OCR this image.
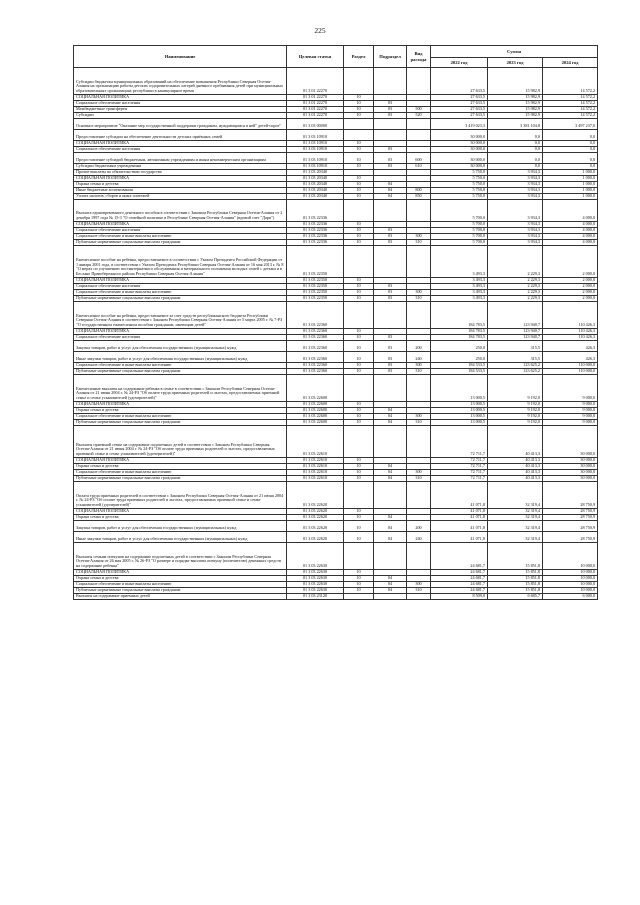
225
Наименование	Целевая статья	Раздел	Подраздел	Вид расхода	Сумма		
					2022 год	2023 год	2024 год
Субсидии бюджетам муниципальных образований на обеспечение повышения Республики Северная Осетия-Алания на организацию работы детских оздоровительных лагерей дневного пребывания детей при муниципальных образовательных организациях республики в каникулярное время	01 3 01 22270				27 633,5	15 982,9	14 572,2
СОЦИАЛЬНАЯ ПОЛИТИКА	01 3 01 22270	10			27 633,5	15 982,9	14 572,2
Социальное обеспечение населения	01 3 01 22270	10	03		27 633,5	15 982,9	14 572,2
Межбюджетные трансферты	01 3 01 22270	10	03	500	27 633,5	15 982,9	14 572,2
Субсидии	01 3 01 22270	10	03	520	27 633,5	15 982,9	14 572,2
Основное мероприятие "Оказание мер государственной поддержки гражданам, нуждающимся в ней" детей-сирот"	01 3 03 00000				3 419 023,3	3 381 104,8	3 497 237,0
Предоставление субсидии на обеспечение деятельности детских приёмных семей	01 3 03 10910				30 000,0	0,0	0,0
СОЦИАЛЬНАЯ ПОЛИТИКА	01 3 03 10910	10			30 000,0	0,0	0,0
Социальное обеспечение населения	01 3 03 10910	10	03		30 000,0	0,0	0,0
Предоставление субсидий бюджетным, автономным учреждениям и иным некоммерческим организациям	01 3 03 10910	10	03	600	30 000,0	0,0	0,0
Субсидии бюджетным учреждениям	01 3 03 10910	10	03	610	30 000,0	0,0	0,0
Прочие выплаты по обязательствам государства	01 3 03 20340				5 750,0	3 934,3	1 000,0
СОЦИАЛЬНАЯ ПОЛИТИКА	01 3 03 20340	10			5 750,0	3 934,3	1 000,0
Охрана семьи и детства	01 3 03 20340	10	04		5 750,0	3 934,3	1 000,0
Иные бюджетные ассигнования	01 3 03 20340	10	04	800	5 750,0	3 934,3	1 000,0
Уплата налогов, сборов и иных платежей	01 3 03 20340	10	04	850	5 750,0	3 934,3	1 000,0
Выплата единовременного денежного пособия в соответствии с Законом Республики Северная Осетия-Алания от 2 декабря 1997 года № 15-3 "О семейной политике в Республике Северная Осетия-Алания" (вдовий счет "Дари")	01 3 03 22336				5 700,0	3 934,3	4 000,0
СОЦИАЛЬНАЯ ПОЛИТИКА	01 3 03 22336	10			5 700,0	3 934,3	4 000,0
Социальное обеспечение населения	01 3 03 22336	10	03		5 700,0	3 934,3	4 000,0
Социальное обеспечение и иные выплаты населению	01 3 03 22336	10	03	300	5 700,0	3 934,3	4 000,0
Публичные нормативные социальные выплаты гражданам	01 3 03 22336	10	03	310	5 700,0	3 934,3	4 000,0
Ежемесячное пособие на ребенка, предоставляемое в соответствии с Указом Президента Российской Федерации от 1 января 2001 года, в соответствии с Указом Президента Республики Северная Осетия-Алания от 16 мая 2013 г. № 8 "О мерах по улучшению постинтернатного обслуживания и материального положения молодых семей с детьми и в Беслане Правобережного района Республики Северная Осетия-Алания"	01 3 03 22350				3 493,3	2 229,3	2 000,0
СОЦИАЛЬНАЯ ПОЛИТИКА	01 3 03 22350	10			3 493,3	2 229,3	2 000,0
Социальное обеспечение населения	01 3 03 22350	10	03		3 493,3	2 229,3	2 000,0
Социальное обеспечение и иные выплаты населению	01 3 03 22350	10	03	300	3 493,3	2 229,3	2 000,0
Публичные нормативные социальные выплаты гражданам	01 3 03 22350	10	03	310	3 493,3	2 229,3	2 000,0
Ежемесячное пособие на ребенка, предоставляемое за счет средств республиканского бюджета Республики Северная Осетия-Алания в соответствии с Законом Республики Северная Осетия-Алания от 5 марта 2005 г. № 7-РЗ "О государственном ежемесячном пособии гражданам, имеющим детей"	01 3 03 22360				184 783,5	123 940,7	110 426,3
СОЦИАЛЬНАЯ ПОЛИТИКА	01 3 03 22360	10			184 783,5	123 940,7	110 426,3
Социальное обеспечение населения	01 3 03 22360	10	03		184 783,5	123 940,7	110 426,3
Закупка товаров, работ и услуг для обеспечения государственных (муниципальных) нужд	01 3 03 22360	10	03	200	250,0	315,5	426,3
Иные закупки товаров, работ и услуг для обеспечения государственных (муниципальных) нужд	01 3 03 22360	10	03	240	250,0	315,5	426,3
Социальное обеспечение и иные выплаты населению	01 3 03 22360	10	03	300	184 533,5	123 625,2	110 000,0
Публичные нормативные социальные выплаты гражданам	01 3 03 22360	10	03	310	184 533,5	123 625,2	110 000,0
Ежемесячные выплаты на содержание ребенка в семье в соответствии с Законом Республики Северная Осетия-Алания от 21 июня 2004 г. № 24-РЗ "Об оплате труда приемных родителей и льготах, предоставляемых приемной семье и семье усыновителей (удочерителей)"	01 3 03 22600				13 000,5	9 192,0	9 000,0
СОЦИАЛЬНАЯ ПОЛИТИКА	01 3 03 22600	10			13 000,5	9 192,0	9 000,0
Охрана семьи и детства	01 3 03 22600	10	04		13 000,5	9 192,0	9 000,0
Социальное обеспечение и иные выплаты населению	01 3 03 22600	10	04	300	13 000,5	9 192,0	9 000,0
Публичные нормативные социальные выплаты гражданам	01 3 03 22600	10	04	310	13 000,5	9 192,0	9 000,0
Выплаты приемной семье на содержание подопечных детей в соответствии с Законом Республики Северная Осетия-Алания от 21 июня 2004 г. № 24-РЗ "Об оплате труда приемных родителей и льготах, предоставляемых приемной семье и семье усыновителей (удочерителей)"	01 3 03 22610				72 711,7	40 413,3	30 000,0
СОЦИАЛЬНАЯ ПОЛИТИКА	01 3 03 22610	10			72 711,7	40 413,3	30 000,0
Охрана семьи и детства	01 3 03 22610	10	04		72 711,7	40 413,3	30 000,0
Социальное обеспечение и иные выплаты населению	01 3 03 22610	10	04	300	72 711,7	40 413,3	30 000,0
Публичные нормативные социальные выплаты гражданам	01 3 03 22610	10	04	310	72 711,7	40 413,3	30 000,0
Оплата труда приемных родителей в соответствии с Законом Республики Северная Осетия-Алания от 21 июня 2004 г. № 24-РЗ "Об оплате труда приемных родителей и льготах, предоставляемых приемной семье и семье усыновителей (удочерителей)"	01 3 03 22620				41 071,8	32 319,4	28 750,9
СОЦИАЛЬНАЯ ПОЛИТИКА	01 3 03 22620	10			41 071,8	32 319,4	28 750,9
Охрана семьи и детства	01 3 03 22620	10	04		41 071,8	32 319,4	28 750,9
Закупка товаров, работ и услуг для обеспечения государственных (муниципальных) нужд	01 3 03 22620	10	04	200	41 071,8	32 319,4	28 750,9
Иные закупки товаров, работ и услуг для обеспечения государственных (муниципальных) нужд	01 3 03 22620	10	04	240	41 071,8	32 319,4	28 750,9
Выплаты семьям опекунов на содержание подопечных детей в соответствии с Законом Республики Северная Осетия-Алания от 26 мая 2005 г. № 26-РЗ "О размере и порядке выплаты опекуну (попечителю) денежных средств на содержание ребенка"	01 3 03 22630				24 681,7	15 851,8	10 000,0
СОЦИАЛЬНАЯ ПОЛИТИКА	01 3 03 22630	10			24 681,7	15 851,8	10 000,0
Охрана семьи и детства	01 3 03 22630	10	04		24 681,7	15 851,8	10 000,0
Социальное обеспечение и иные выплаты населению	01 3 03 22630	10	04	300	24 681,7	15 851,8	10 000,0
Публичные нормативные социальные выплаты гражданам	01 3 03 22630	10	04	310	24 681,7	15 851,8	10 000,0
Выплаты на содержание приемных детей	01 3 03 23120				8 509,0	6 685,7	6 000,0
